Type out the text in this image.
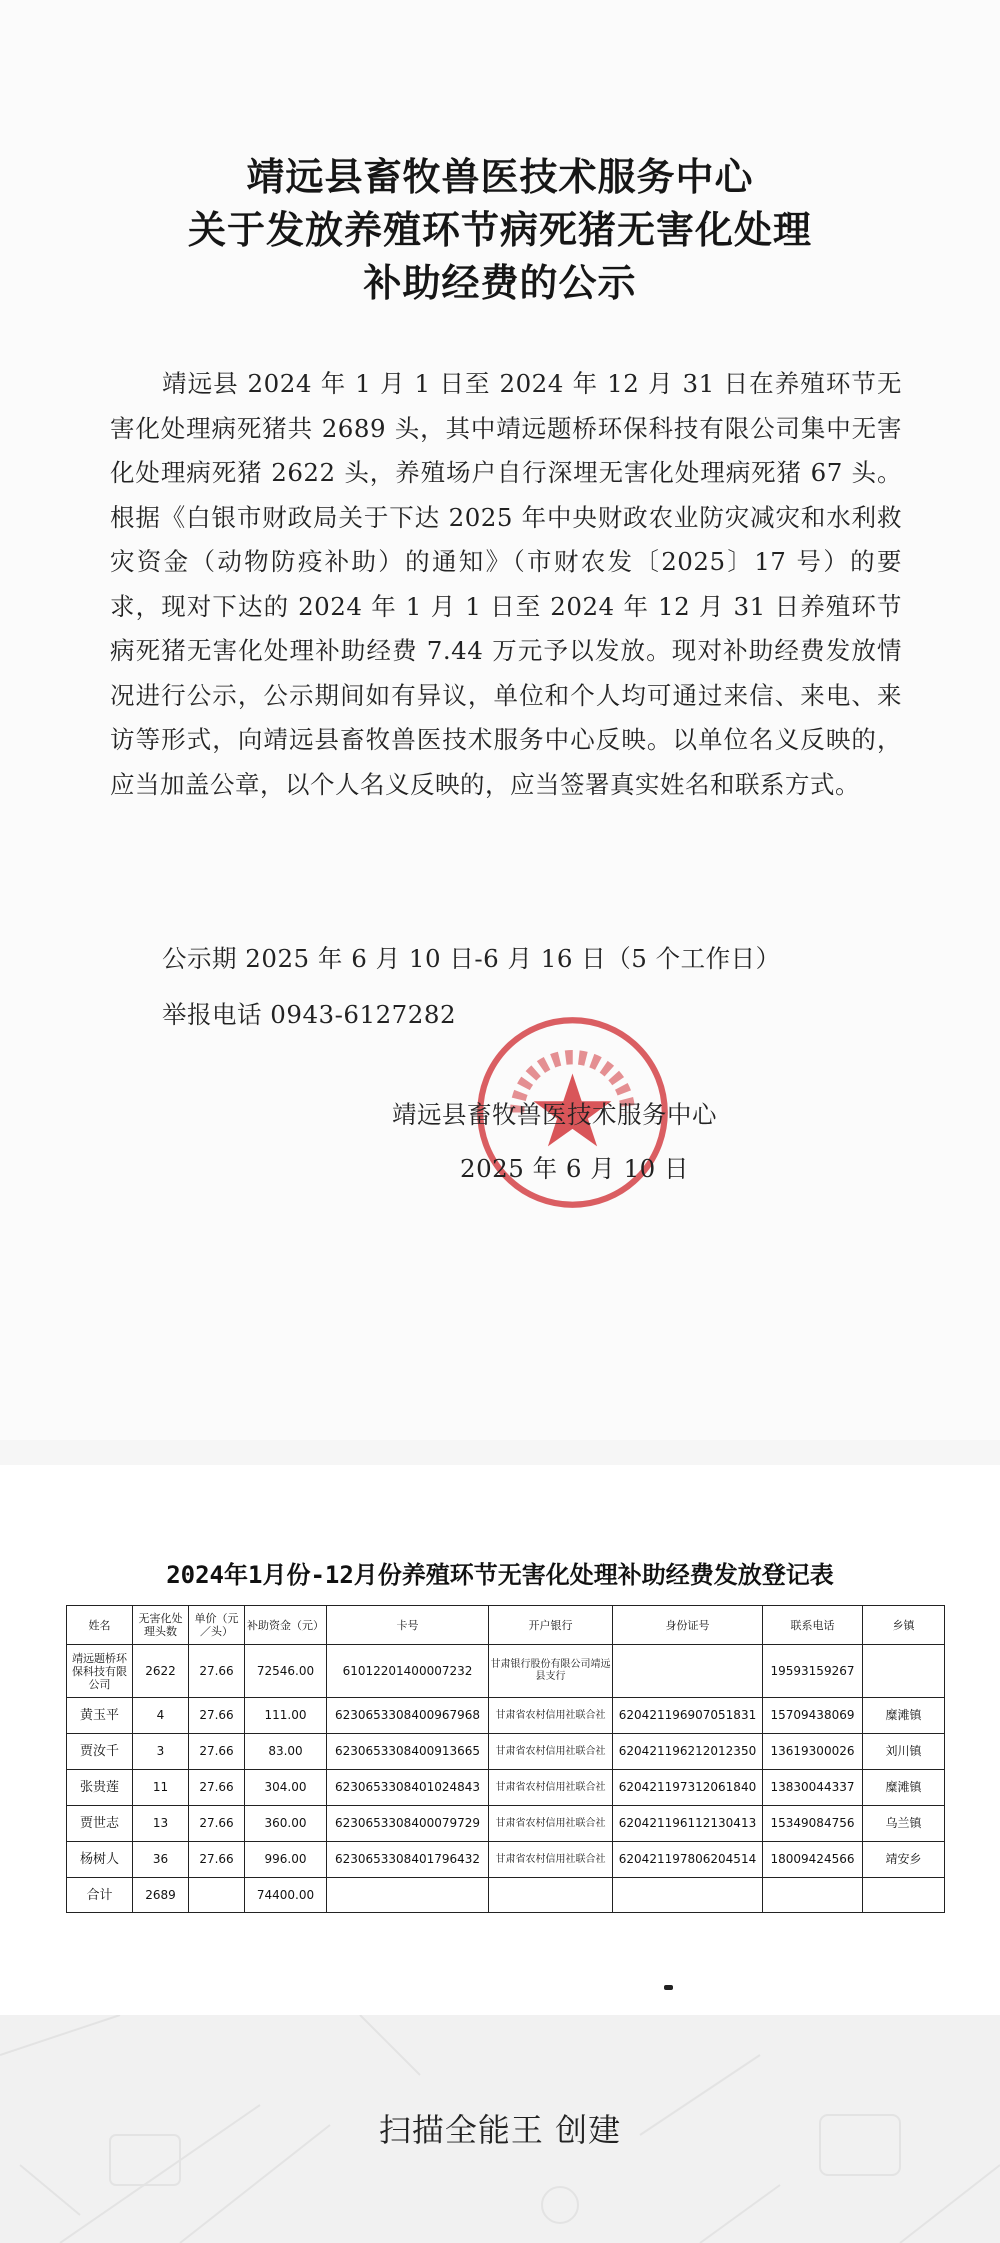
靖远县畜牧兽医技术服务中心
关于发放养殖环节病死猪无害化处理
补助经费的公示

靖远县 2024 年 1 月 1 日至 2024 年 12 月 31 日在养殖环节无害化处理病死猪共 2689 头，其中靖远题桥环保科技有限公司集中无害化处理病死猪 2622 头，养殖场户自行深埋无害化处理病死猪 67 头。根据《白银市财政局关于下达 2025 年中央财政农业防灾减灾和水利救灾资金（动物防疫补助）的通知》（市财农发〔2025〕17 号）的要求，现对下达的 2024 年 1 月 1 日至 2024 年 12 月 31 日养殖环节病死猪无害化处理补助经费 7.44 万元予以发放。现对补助经费发放情况进行公示，公示期间如有异议，单位和个人均可通过来信、来电、来访等形式，向靖远县畜牧兽医技术服务中心反映。以单位名义反映的，应当加盖公章，以个人名义反映的，应当签署真实姓名和联系方式。

公示期 2025 年 6 月 10 日-6 月 16 日（5 个工作日）
举报电话 0943-6127282
靖远县畜牧兽医技术服务中心
2025 年 6 月 10 日
2024年1月份-12月份养殖环节无害化处理补助经费发放登记表
姓名	无害化处理头数	单价（元／头）	补助资金（元）	卡号	开户银行	身份证号	联系电话	乡镇
靖远题桥环保科技有限公司	2622	27.66	72546.00	61012201400007232	甘肃银行股份有限公司靖远县支行		19593159267	
黄玉平	4	27.66	111.00	6230653308400967968	甘肃省农村信用社联合社	620421196907051831	15709438069	糜滩镇
贾汝千	3	27.66	83.00	6230653308400913665	甘肃省农村信用社联合社	620421196212012350	13619300026	刘川镇
张贵莲	11	27.66	304.00	6230653308401024843	甘肃省农村信用社联合社	620421197312061840	13830044337	糜滩镇
贾世志	13	27.66	360.00	6230653308400079729	甘肃省农村信用社联合社	620421196112130413	15349084756	乌兰镇
杨树人	36	27.66	996.00	6230653308401796432	甘肃省农村信用社联合社	620421197806204514	18009424566	靖安乡
合计	2689		74400.00					
扫描全能王 创建
